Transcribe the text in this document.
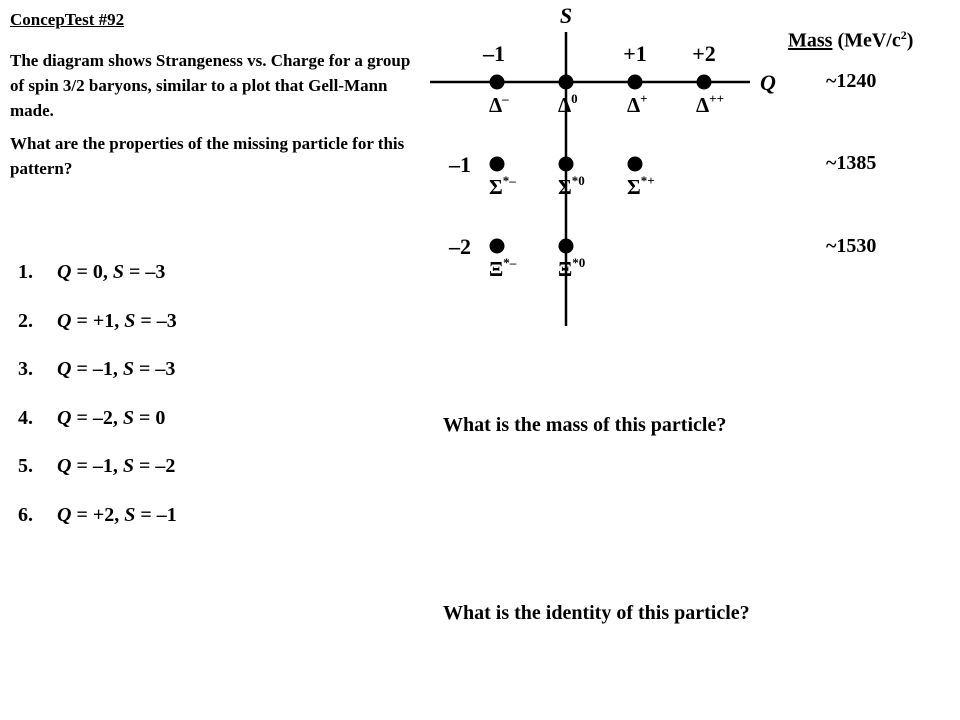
ConcepTest #92

The diagram shows Strangeness vs. Charge for a group of spin 3/2 baryons, similar to a plot that Gell-Mann made.

What are the properties of the missing particle for this pattern?

1. Q = 0, S = –3
2. Q = +1, S = –3
3. Q = –1, S = –3
4. Q = –2, S = 0
5. Q = –1, S = –2
6. Q = +2, S = –1
Mass $(MeV/c^2)$
~1240
~1385
~1530
S
Q
–1	+1 +2
–1
–2
Δ– $\Delta^0$ Δ+ Δ++
Σ*– $\Sigma^{*0}$ Σ*+
Ξ*– $\Xi^{*0}$
What is the mass of this particle?
What is the identity of this particle?
